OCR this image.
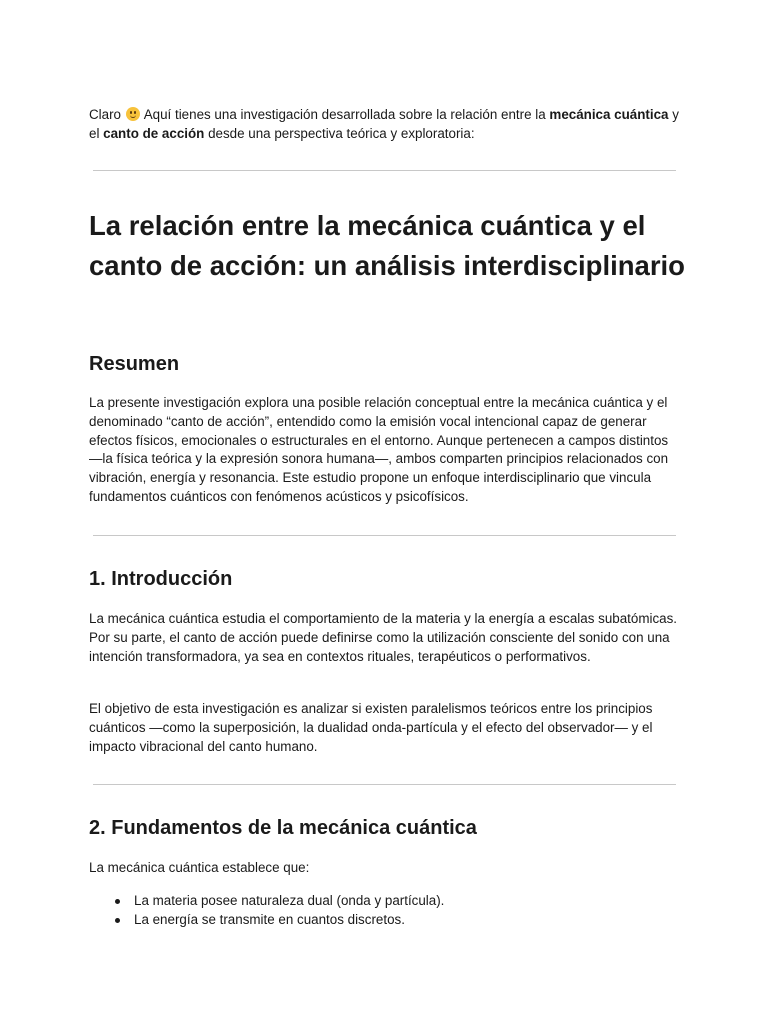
Claro
Aquí tienes una investigación desarrollada sobre la relación entre la mecánica cuántica y el canto de acción desde una perspectiva teórica y exploratoria:

La relación entre la mecánica cuántica y el canto de acción: un análisis interdisciplinario
Resumen

La presente investigación explora una posible relación conceptual entre la mecánica cuántica y el denominado “canto de acción”, entendido como la emisión vocal intencional capaz de generar efectos físicos, emocionales o estructurales en el entorno. Aunque pertenecen a campos distintos —la física teórica y la expresión sonora humana—, ambos comparten principios relacionados con vibración, energía y resonancia. Este estudio propone un enfoque interdisciplinario que vincula fundamentos cuánticos con fenómenos acústicos y psicofísicos.

1. Introducción

La mecánica cuántica estudia el comportamiento de la materia y la energía a escalas subatómicas. Por su parte, el canto de acción puede definirse como la utilización consciente del sonido con una intención transformadora, ya sea en contextos rituales, terapéuticos o performativos.

El objetivo de esta investigación es analizar si existen paralelismos teóricos entre los principios cuánticos —como la superposición, la dualidad onda-partícula y el efecto del observador— y el impacto vibracional del canto humano.

2. Fundamentos de la mecánica cuántica

La mecánica cuántica establece que:

La materia posee naturaleza dual (onda y partícula).
La energía se transmite en cuantos discretos.
